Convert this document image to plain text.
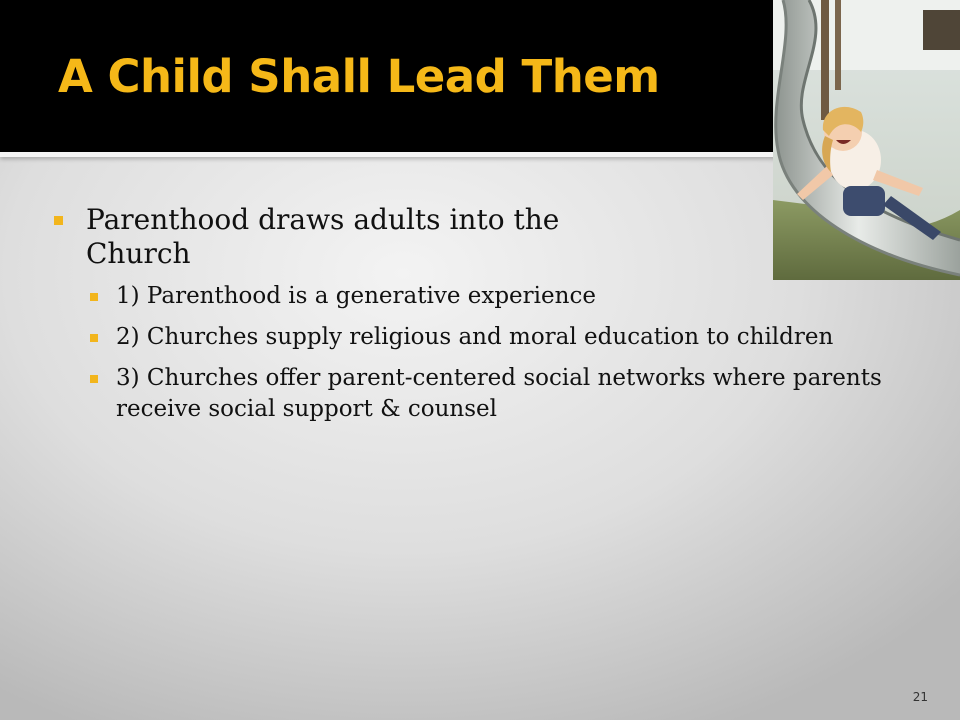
A Child Shall Lead Them
Parenthood draws adults into the Church
1) Parenthood is a generative experience
2) Churches supply religious and moral education to children
3) Churches offer parent-centered social networks where parents receive social support & counsel
21
